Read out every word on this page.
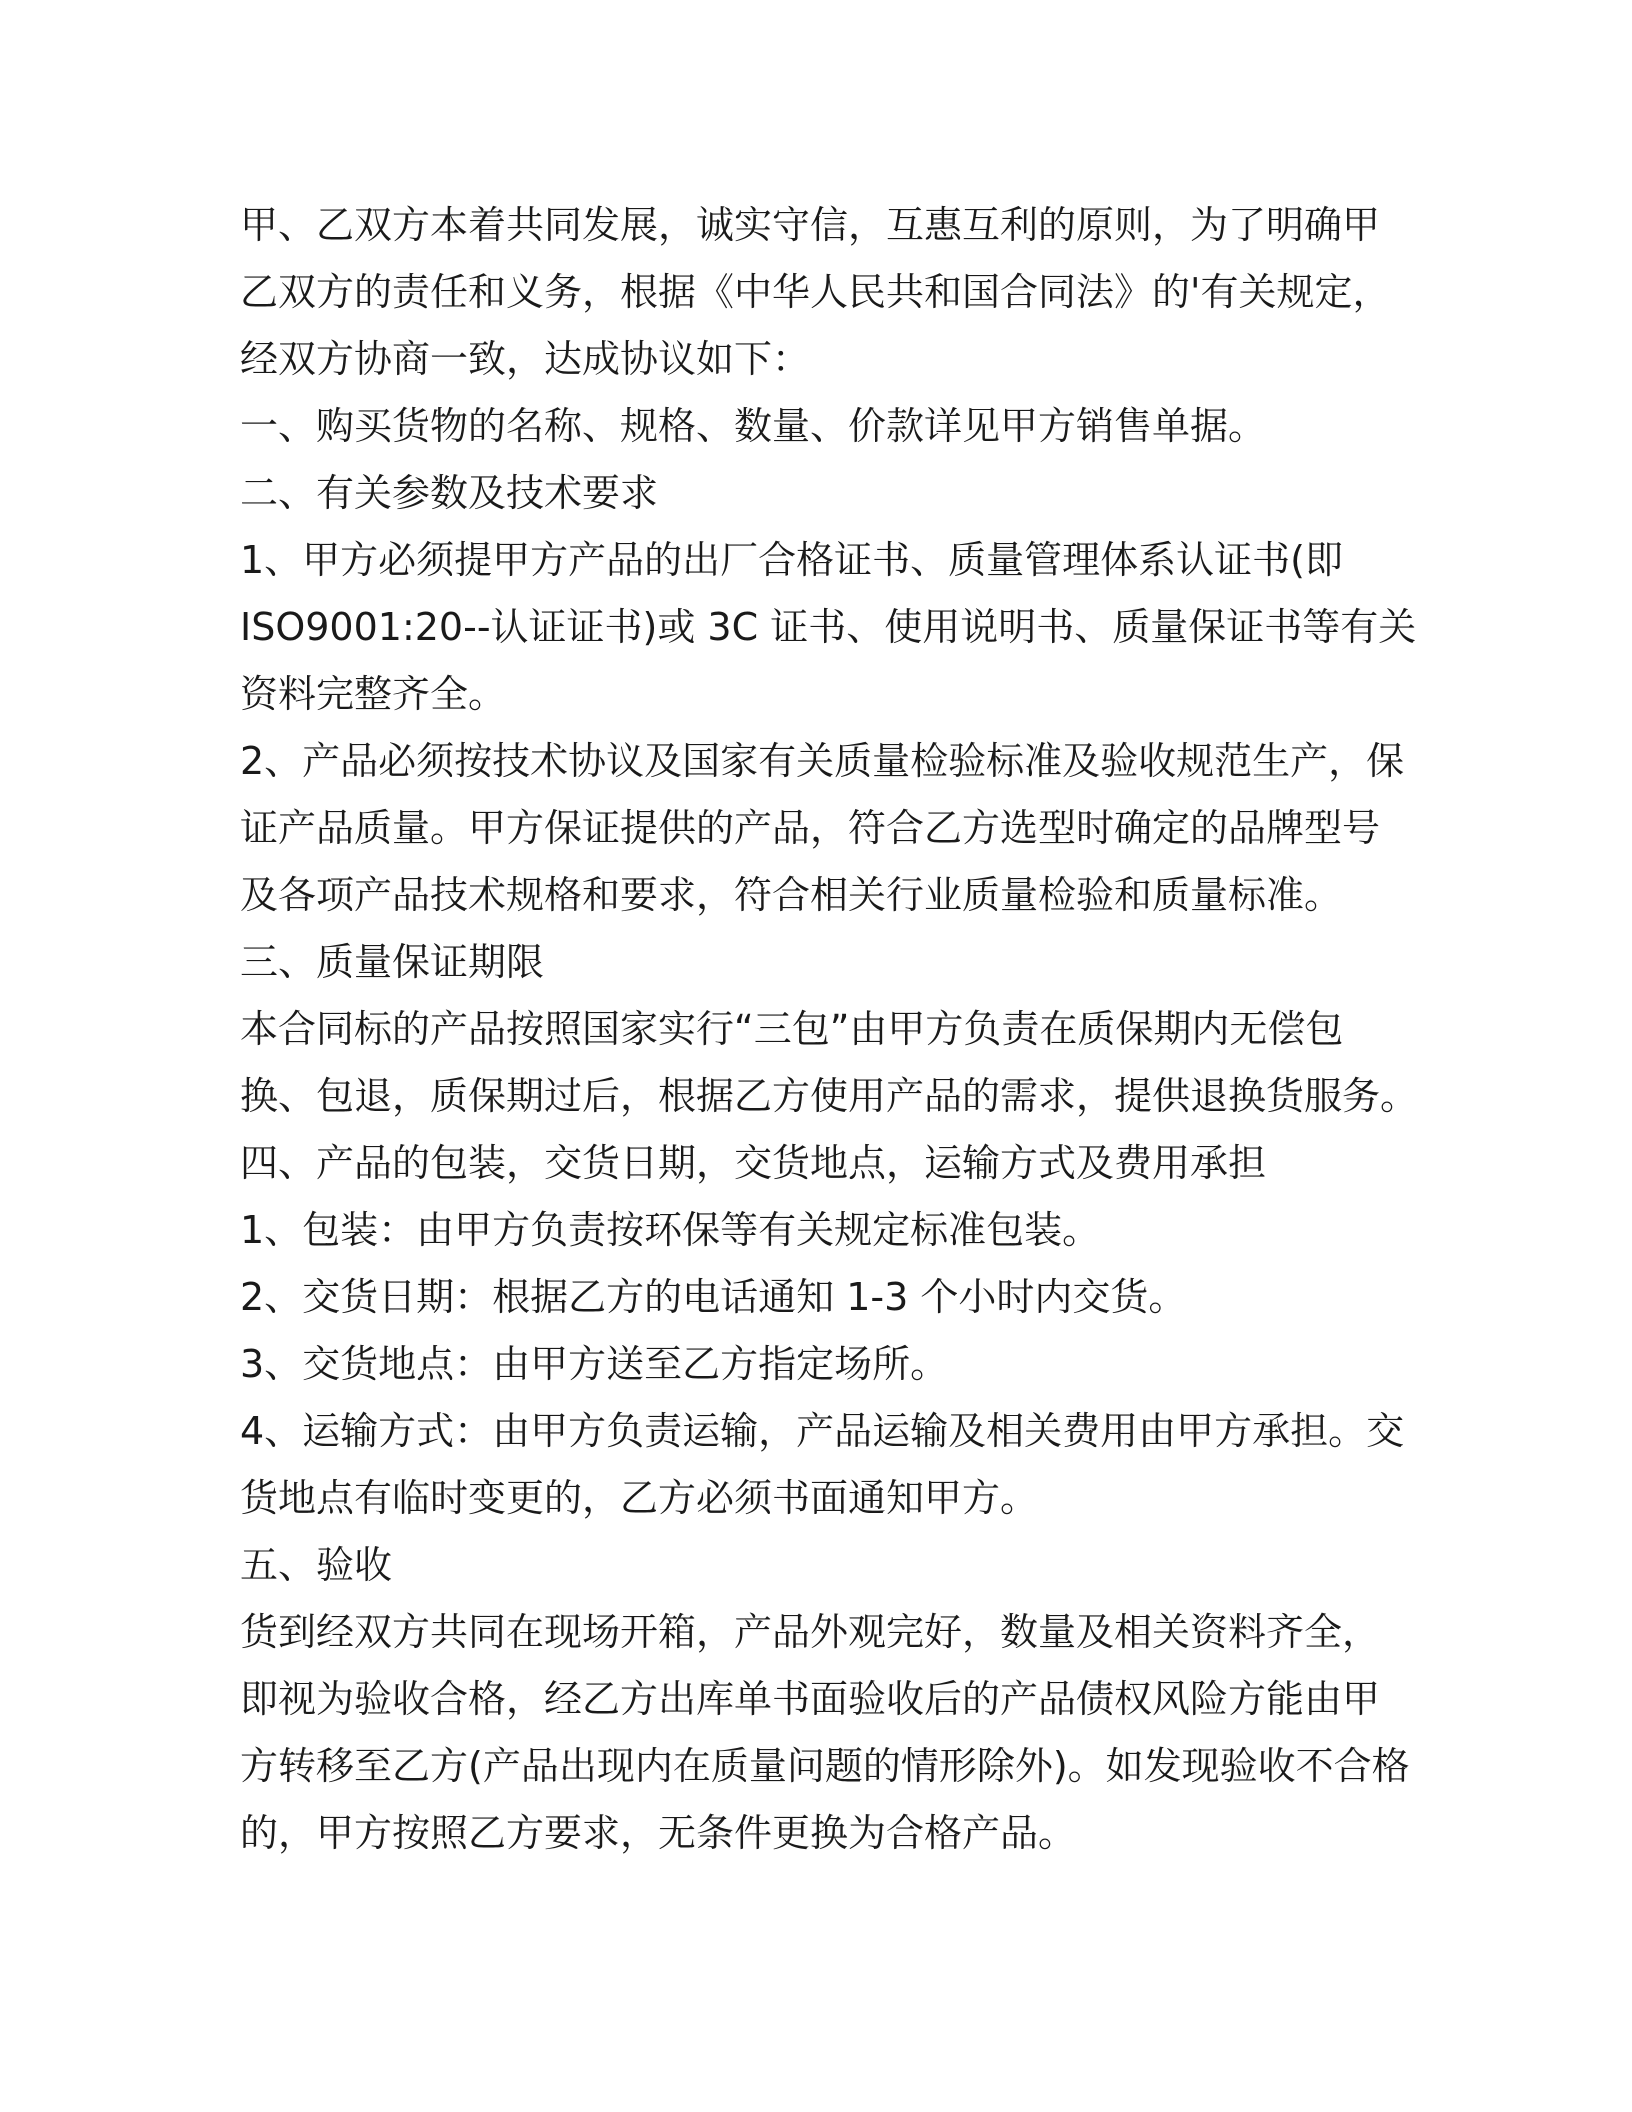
甲、乙双方本着共同发展，诚实守信，互惠互利的原则，为了明确甲
乙双方的责任和义务，根据《中华人民共和国合同法》的'有关规定，
经双方协商一致，达成协议如下：
一、购买货物的名称、规格、数量、价款详见甲方销售单据。
二、有关参数及技术要求
1、甲方必须提甲方产品的出厂合格证书、质量管理体系认证书(即
ISO9001:20--认证证书)或 3C 证书、使用说明书、质量保证书等有关
资料完整齐全。
2、产品必须按技术协议及国家有关质量检验标准及验收规范生产，保
证产品质量。甲方保证提供的产品，符合乙方选型时确定的品牌型号
及各项产品技术规格和要求，符合相关行业质量检验和质量标准。
三、质量保证期限
本合同标的产品按照国家实行“三包”由甲方负责在质保期内无偿包
换、包退，质保期过后，根据乙方使用产品的需求，提供退换货服务。
四、产品的包装，交货日期，交货地点，运输方式及费用承担
1、包装：由甲方负责按环保等有关规定标准包装。
2、交货日期：根据乙方的电话通知 1-3 个小时内交货。
3、交货地点：由甲方送至乙方指定场所。
4、运输方式：由甲方负责运输，产品运输及相关费用由甲方承担。交
货地点有临时变更的，乙方必须书面通知甲方。
五、验收
货到经双方共同在现场开箱，产品外观完好，数量及相关资料齐全，
即视为验收合格，经乙方出库单书面验收后的产品债权风险方能由甲
方转移至乙方(产品出现内在质量问题的情形除外)。如发现验收不合格
的，甲方按照乙方要求，无条件更换为合格产品。
